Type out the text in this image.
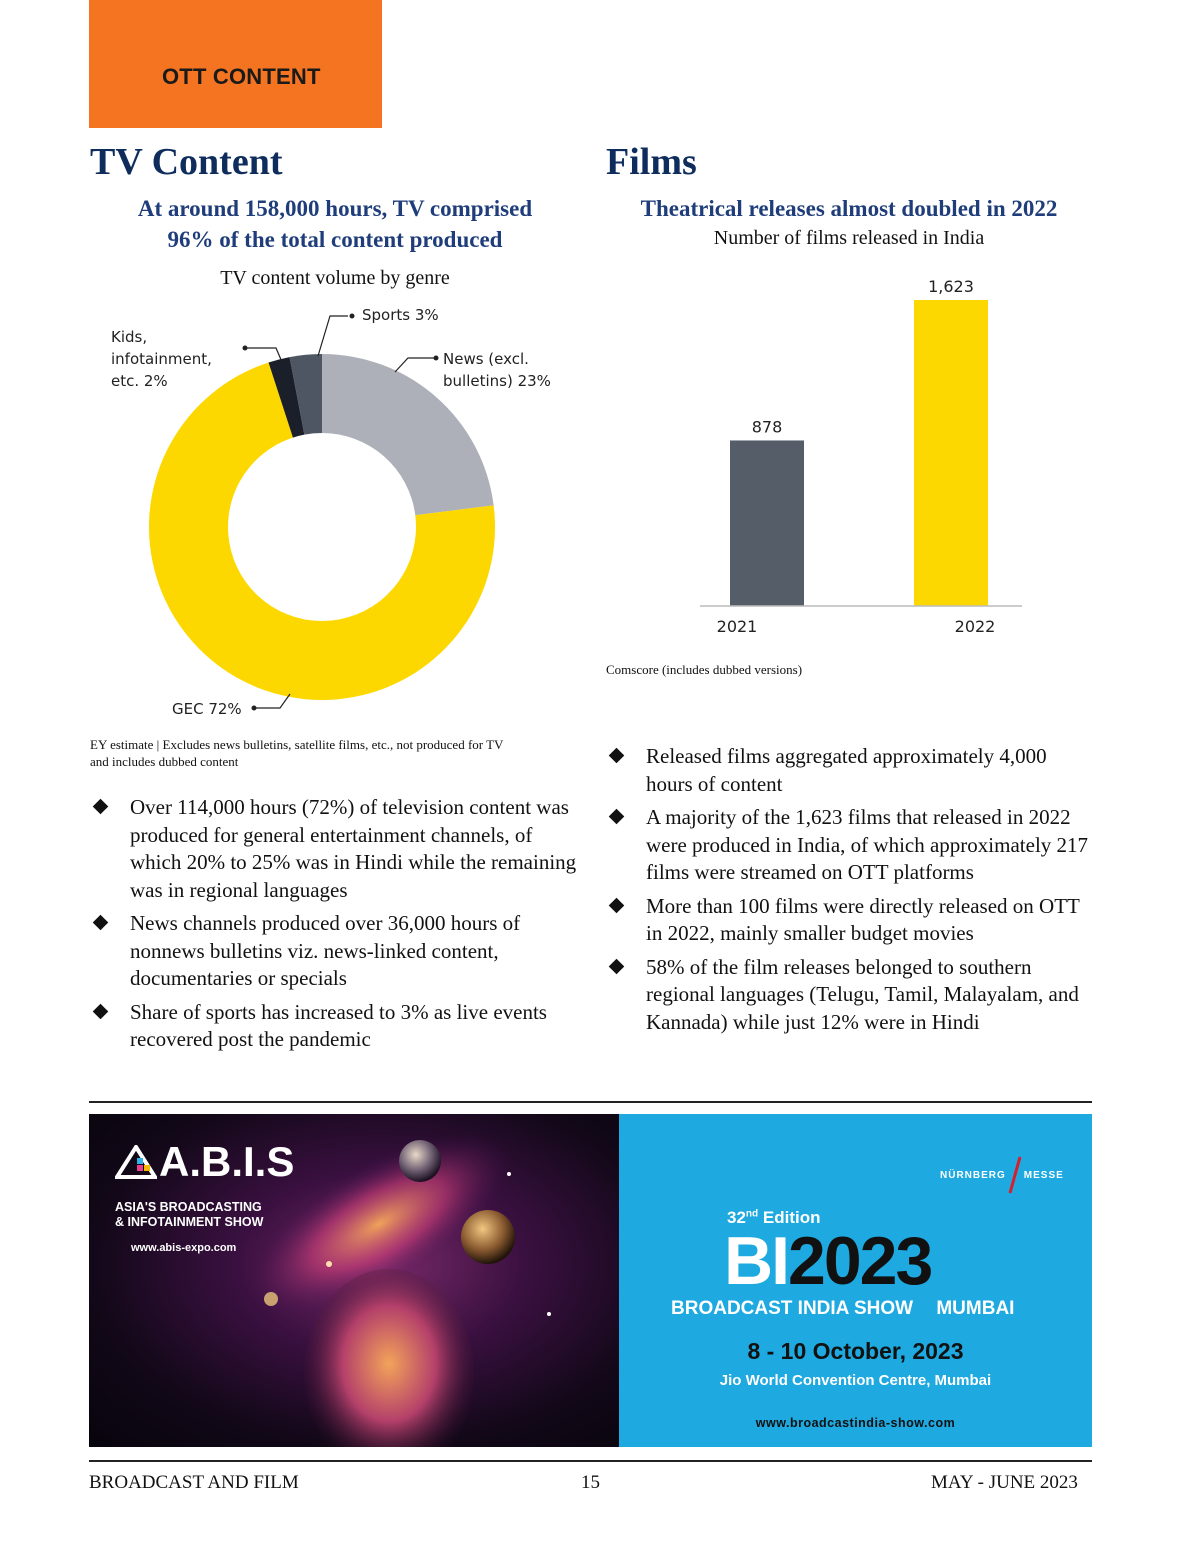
OTT CONTENT
TV Content
At around 158,000 hours, TV comprised
96% of the total content produced
TV content volume by genre
Sports 3%
Kids,
infotainment,
etc. 2%
News (excl.
bulletins) 23%
GEC 72%
EY estimate | Excludes news bulletins, satellite films, etc., not produced for TV
and includes dubbed content
Over 114,000 hours (72%) of television content was produced for general entertainment channels, of which 20% to 25% was in Hindi while the remaining was in regional languages
News channels produced over 36,000 hours of nonnews bulletins viz. news-linked content, documentaries or specials
Share of sports has increased to 3% as live events recovered post the pandemic
Films
Theatrical releases almost doubled in 2022
Number of films released in India
878
2021
1,623
2022
Comscore (includes dubbed versions)
Released films aggregated approximately 4,000 hours of content
A majority of the 1,623 films that released in 2022 were produced in India, of which approximately 217 films were streamed on OTT platforms
More than 100 films were directly released on OTT in 2022, mainly smaller budget movies
58% of the film releases belonged to southern regional languages (Telugu, Tamil, Malayalam, and Kannada) while just 12% were in Hindi
A.B.I.S
ASIA'S BROADCASTING
& INFOTAINMENT SHOW
www.abis-expo.com
NÜRNBERG MESSE
32nd Edition
BI2023
BROADCAST INDIA SHOW MUMBAI
8 - 10 October, 2023
Jio World Convention Centre, Mumbai
www.broadcastindia-show.com
BROADCAST AND FILM	15	MAY - JUNE 2023
